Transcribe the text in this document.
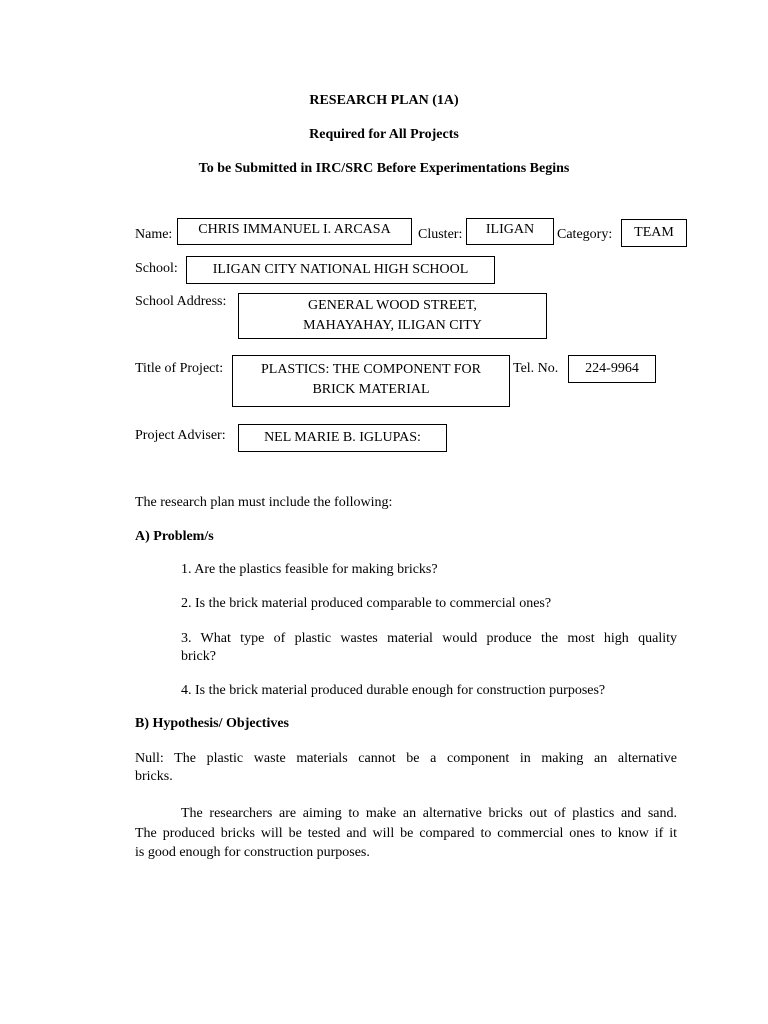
RESEARCH PLAN (1A)
Required for All Projects
To be Submitted in IRC/SRC Before Experimentations Begins
Name:	CHRIS IMMANUEL I. ARCASA	Cluster:	ILIGAN	Category:	TEAM
School:	ILIGAN CITY NATIONAL HIGH SCHOOL
School Address:	GENERAL WOOD STREET,
MAHAYAHAY, ILIGAN CITY
Title of Project:	PLASTICS: THE COMPONENT FOR
BRICK MATERIAL
Tel. No.	224-9964
Project Adviser:	NEL MARIE B. IGLUPAS:
The research plan must include the following:
A) Problem/s
1. Are the plastics feasible for making bricks?
2. Is the brick material produced comparable to commercial ones?
3. What type of plastic wastes material would produce the most high quality
brick?
4. Is the brick material produced durable enough for construction purposes?
B) Hypothesis/ Objectives
Null: The plastic waste materials cannot be a component in making an alternative
bricks.
The researchers are aiming to make an alternative bricks out of plastics and sand.
The produced bricks will be tested and will be compared to commercial ones to know if it
is good enough for construction purposes.
